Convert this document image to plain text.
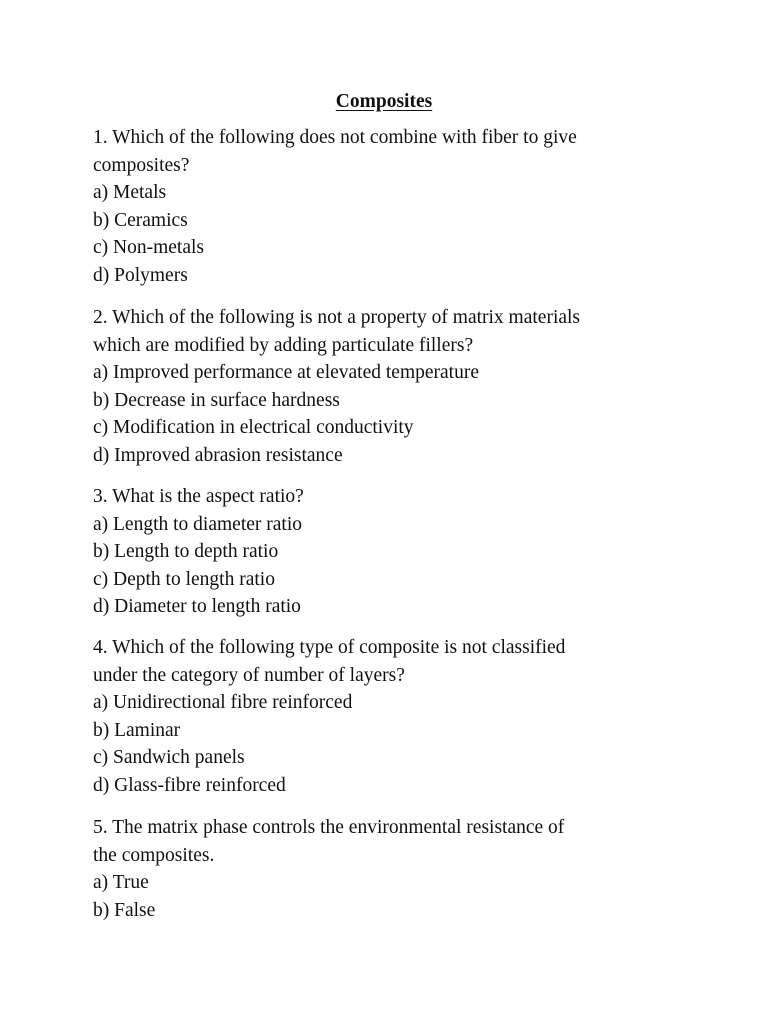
Composites
1. Which of the following does not combine with fiber to give
composites?
a) Metals
b) Ceramics
c) Non-metals
d) Polymers
2. Which of the following is not a property of matrix materials
which are modified by adding particulate fillers?
a) Improved performance at elevated temperature
b) Decrease in surface hardness
c) Modification in electrical conductivity
d) Improved abrasion resistance
3. What is the aspect ratio?
a) Length to diameter ratio
b) Length to depth ratio
c) Depth to length ratio
d) Diameter to length ratio
4. Which of the following type of composite is not classified
under the category of number of layers?
a) Unidirectional fibre reinforced
b) Laminar
c) Sandwich panels
d) Glass-fibre reinforced
5. The matrix phase controls the environmental resistance of
the composites.
a) True
b) False
